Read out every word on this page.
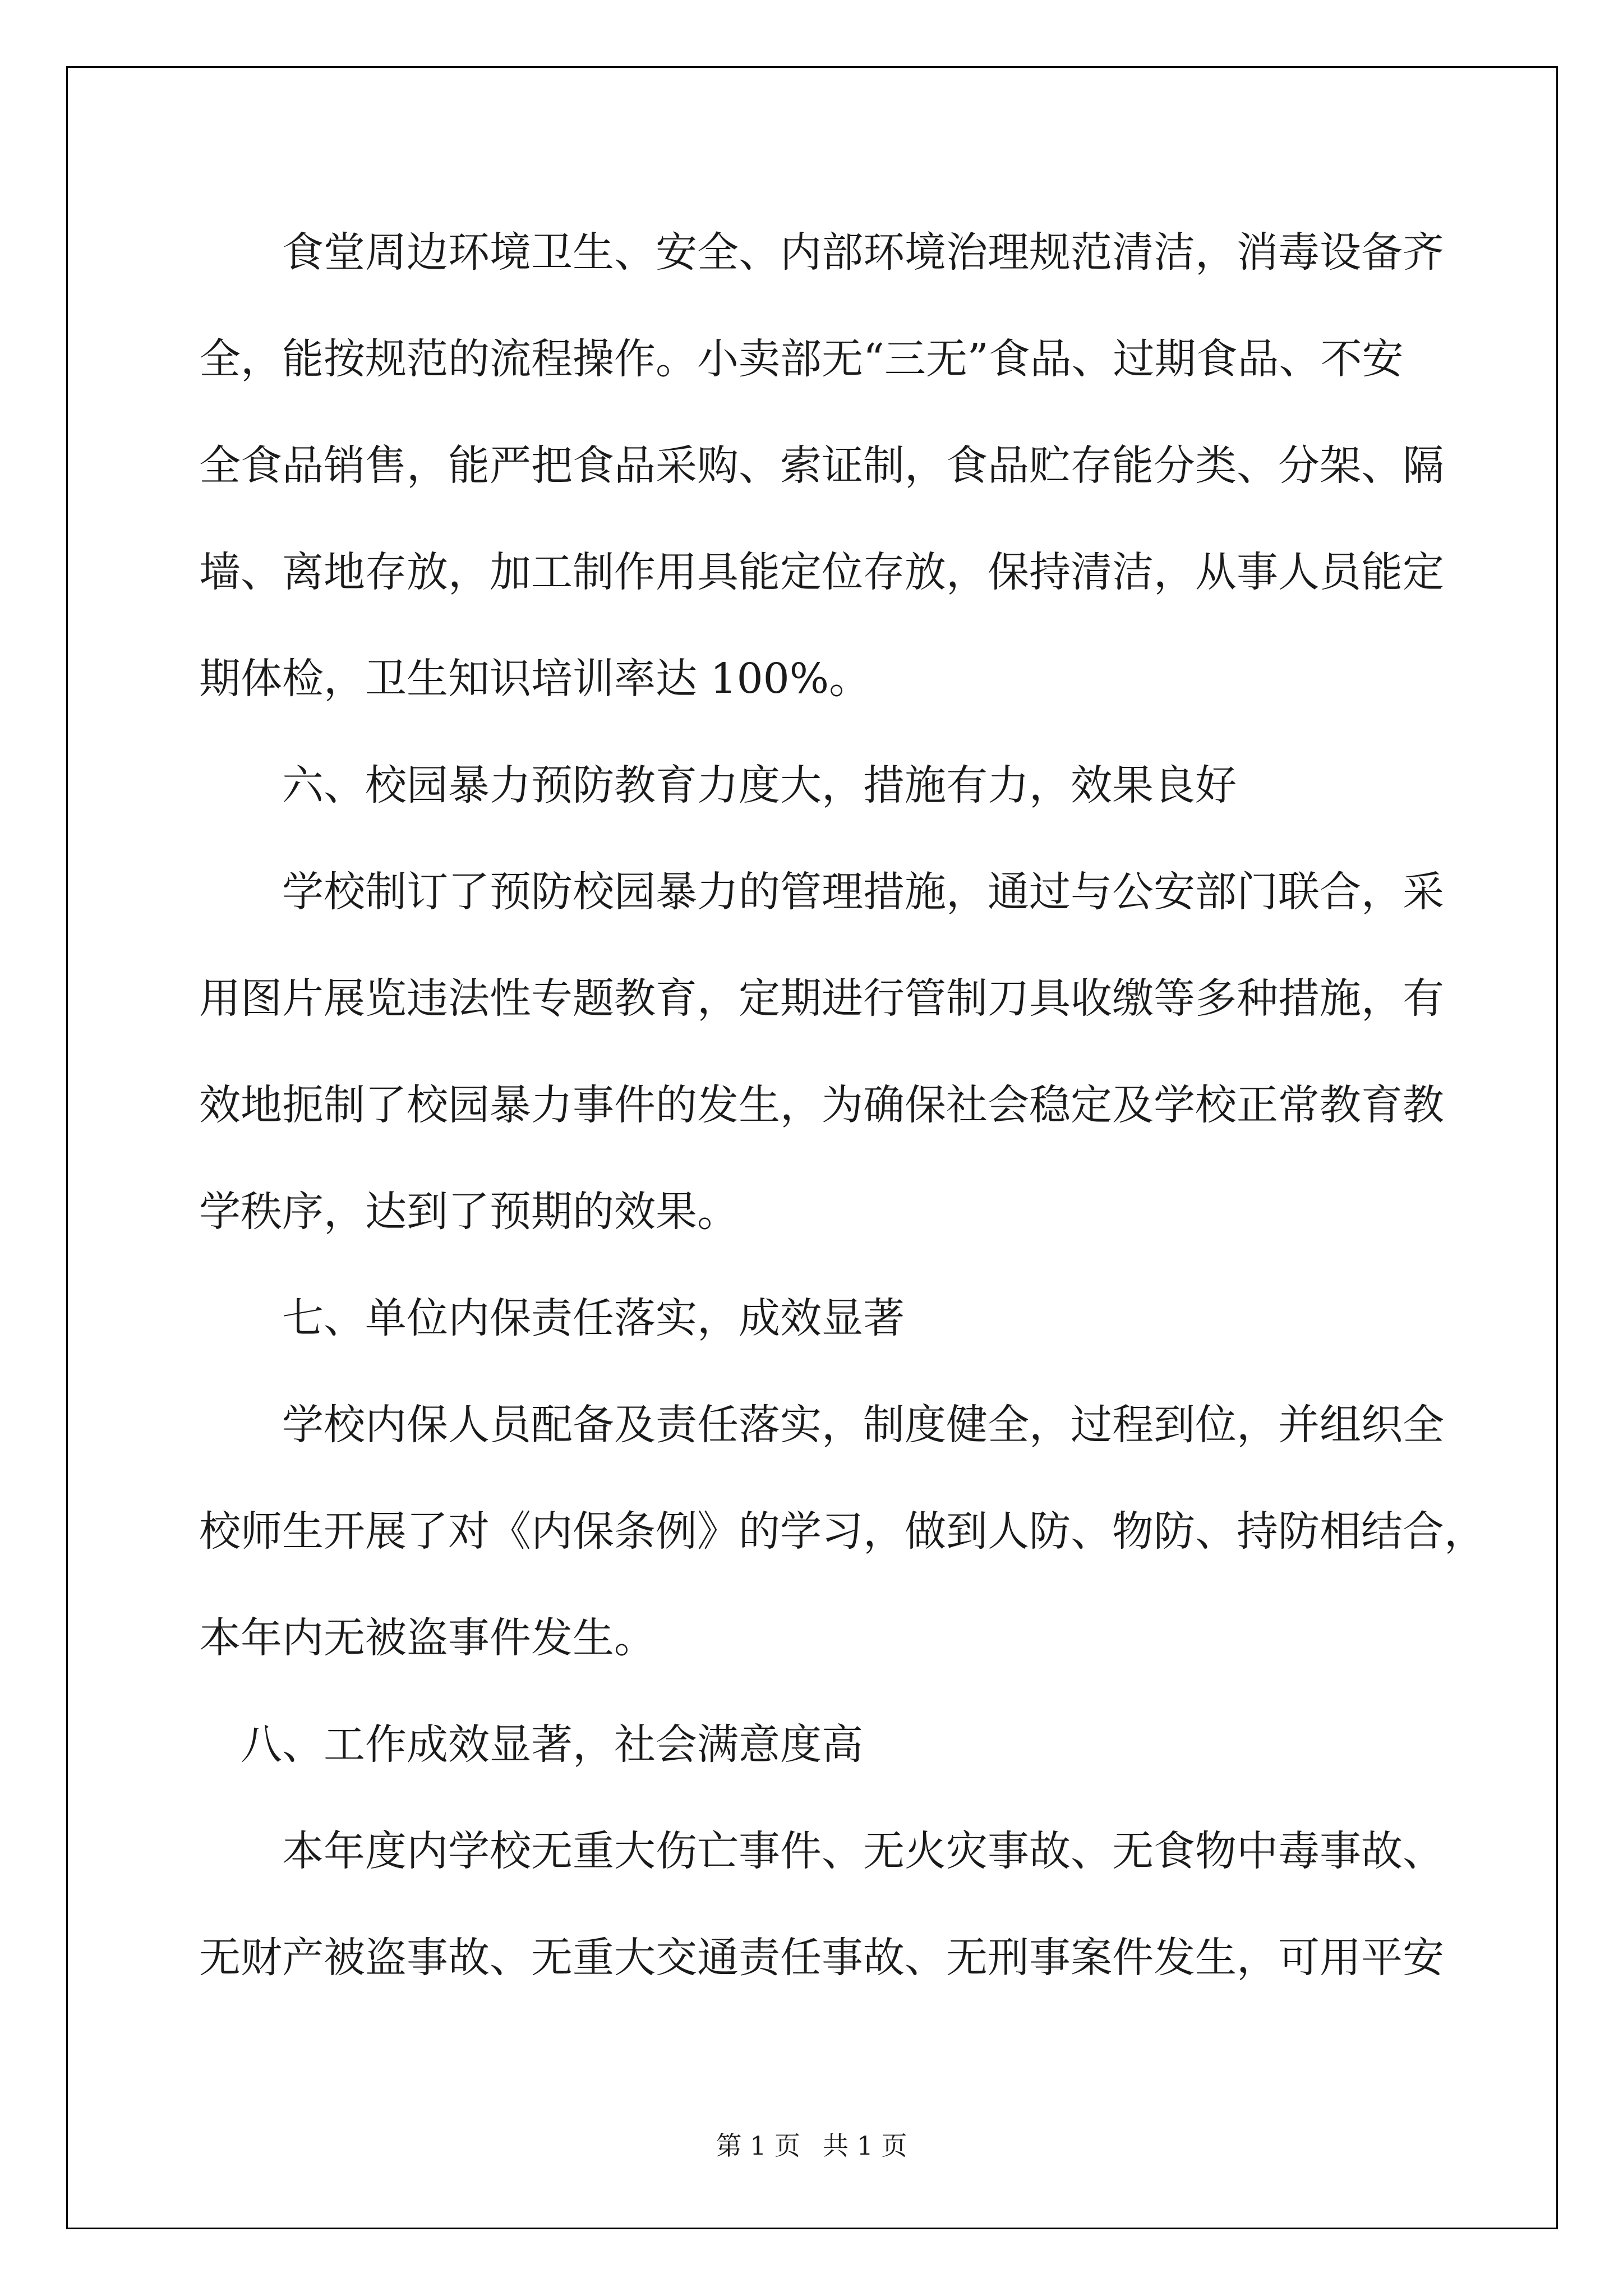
食堂周边环境卫生、安全、内部环境治理规范清洁，消毒设备齐
全，能按规范的流程操作。小卖部无“三无”食品、过期食品、不安
全食品销售，能严把食品采购、索证制，食品贮存能分类、分架、隔
墙、离地存放，加工制作用具能定位存放，保持清洁，从事人员能定
期体检，卫生知识培训率达 100%。
六、校园暴力预防教育力度大，措施有力，效果良好
学校制订了预防校园暴力的管理措施，通过与公安部门联合，采
用图片展览违法性专题教育，定期进行管制刀具收缴等多种措施，有
效地扼制了校园暴力事件的发生，为确保社会稳定及学校正常教育教
学秩序，达到了预期的效果。
七、单位内保责任落实，成效显著
学校内保人员配备及责任落实，制度健全，过程到位，并组织全
校师生开展了对《内保条例》的学习，做到人防、物防、持防相结合，
本年内无被盗事件发生。
八、工作成效显著，社会满意度高
本年度内学校无重大伤亡事件、无火灾事故、无食物中毒事故、
无财产被盗事故、无重大交通责任事故、无刑事案件发生，可用平安
第 1 页 共 1 页
